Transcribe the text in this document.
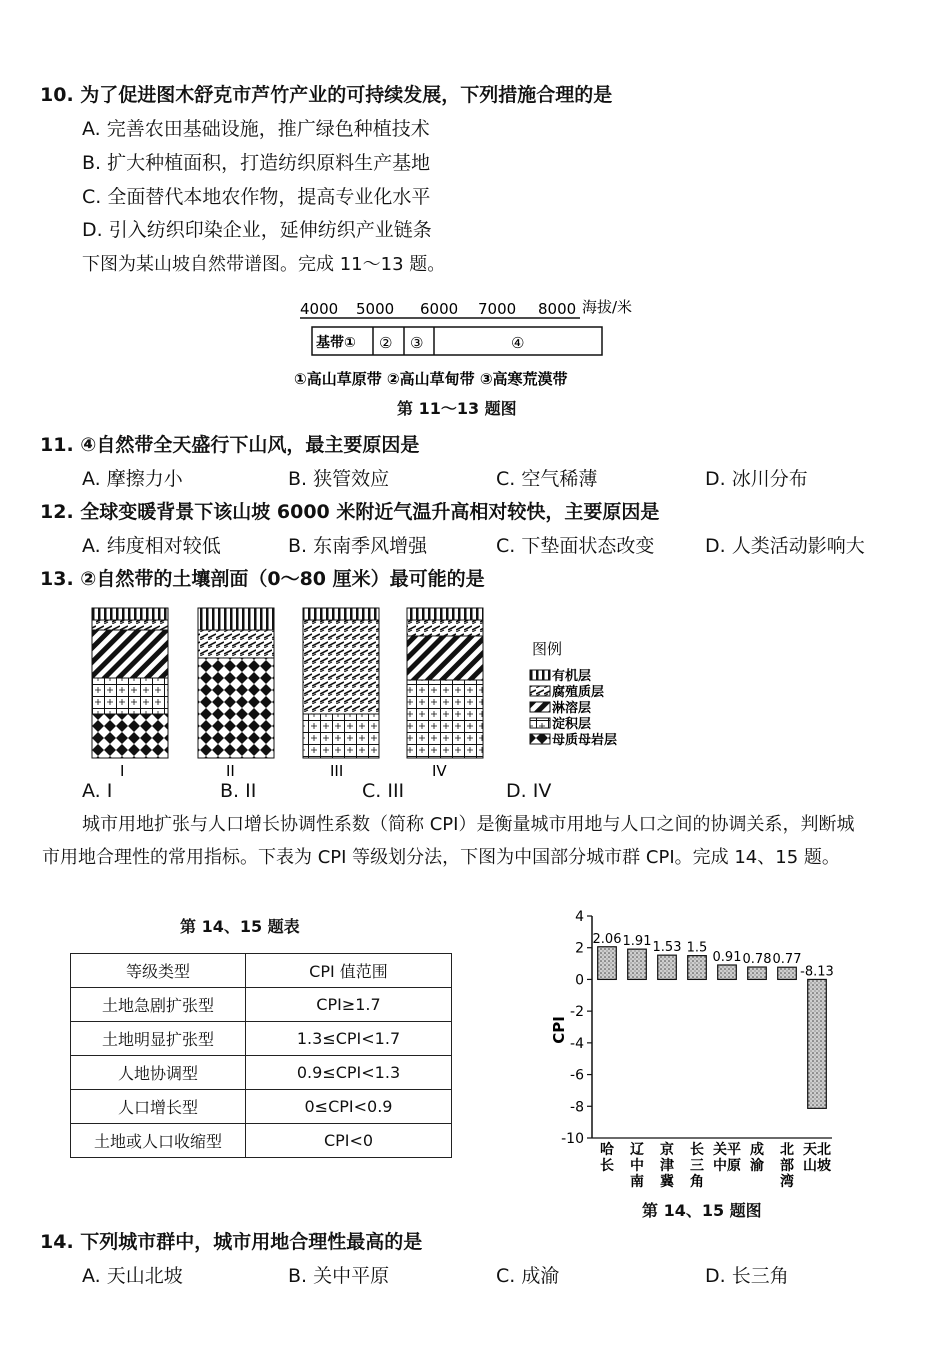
10. 为了促进图木舒克市芦竹产业的可持续发展，下列措施合理的是
A. 完善农田基础设施，推广绿色种植技术
B. 扩大种植面积，打造纺织原料生产基地
C. 全面替代本地农作物，提高专业化水平
D. 引入纺织印染企业，延伸纺织产业链条
下图为某山坡自然带谱图。完成 11～13 题。
4000 5000 6000 7000 8000 海拔/米
基带① ② ③	④
①高山草原带 ②高山草甸带 ③高寒荒漠带
第 11～13 题图
11. ④自然带全天盛行下山风，最主要原因是
A. 摩擦力小	B. 狭管效应	C. 空气稀薄	D. 冰川分布
12. 全球变暖背景下该山坡 6000 米附近气温升高相对较快，主要原因是
A. 纬度相对较低	B. 东南季风增强	C. 下垫面状态改变	D. 人类活动影响大
13. ②自然带的土壤剖面（0～80 厘米）最可能的是
I	II	III	IV
图例
有机层
腐殖质层
淋溶层
淀积层
母质母岩层
A. I	B. II	C. III	D. IV
城市用地扩张与人口增长协调性系数（简称 CPI）是衡量城市用地与人口之间的协调关系，判断城市用地合理性的常用指标。下表为 CPI 等级划分法，下图为中国部分城市群 CPI。完成 14、15 题。
第 14、15 题表
等级类型	CPI 值范围
土地急剧扩张型	CPI≥1.7
土地明显扩张型	1.3≤CPI<1.7
人地协调型	0.9≤CPI<1.3
人口增长型	0≤CPI<0.9
土地或人口收缩型	CPI<0
CPI
4
2
0
-2
-4
-6
-8
-10
2.06 1.91 1.53 1.5
0.91 0.78 0.77
-8.13
哈长
辽中南
京津冀
长三角
关中平原
成渝
北部湾
天山北坡
第 14、15 题图
14. 下列城市群中，城市用地合理性最高的是
A. 天山北坡	B. 关中平原	C. 成渝	D. 长三角
